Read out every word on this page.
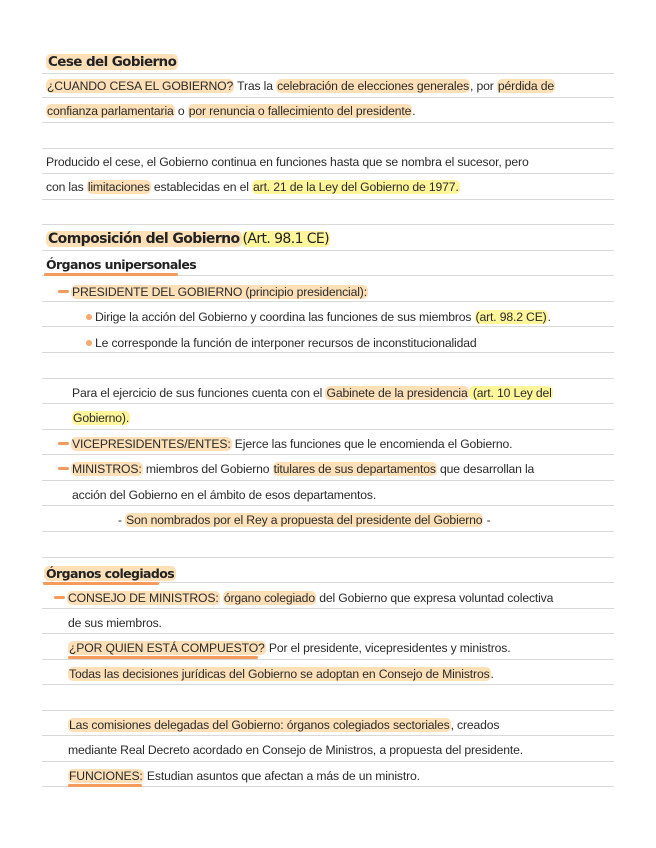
Cese del Gobierno
¿CUANDO CESA EL GOBIERNO? Tras la celebración de elecciones generales, por pérdida de
confianza parlamentaria o por renuncia o fallecimiento del presidente.
Producido el cese, el Gobierno continua en funciones hasta que se nombra el sucesor, pero
con las limitaciones establecidas en el art. 21 de la Ley del Gobierno de 1977.
Composición del Gobierno (Art. 98.1 CE)
Órganos unipersonales
PRESIDENTE DEL GOBIERNO (principio presidencial):
Dirige la acción del Gobierno y coordina las funciones de sus miembros (art. 98.2 CE).
Le corresponde la función de interponer recursos de inconstitucionalidad
Para el ejercicio de sus funciones cuenta con el Gabinete de la presidencia (art. 10 Ley del
Gobierno).
VICEPRESIDENTES/ENTES: Ejerce las funciones que le encomienda el Gobierno.
MINISTROS: miembros del Gobierno titulares de sus departamentos que desarrollan la
acción del Gobierno en el ámbito de esos departamentos.
- Son nombrados por el Rey a propuesta del presidente del Gobierno -
Órganos colegiados
CONSEJO DE MINISTROS: órgano colegiado del Gobierno que expresa voluntad colectiva
de sus miembros.
¿POR QUIEN ESTÁ COMPUESTO? Por el presidente, vicepresidentes y ministros.
Todas las decisiones jurídicas del Gobierno se adoptan en Consejo de Ministros.
Las comisiones delegadas del Gobierno: órganos colegiados sectoriales, creados
mediante Real Decreto acordado en Consejo de Ministros, a propuesta del presidente.
FUNCIONES: Estudian asuntos que afectan a más de un ministro.
